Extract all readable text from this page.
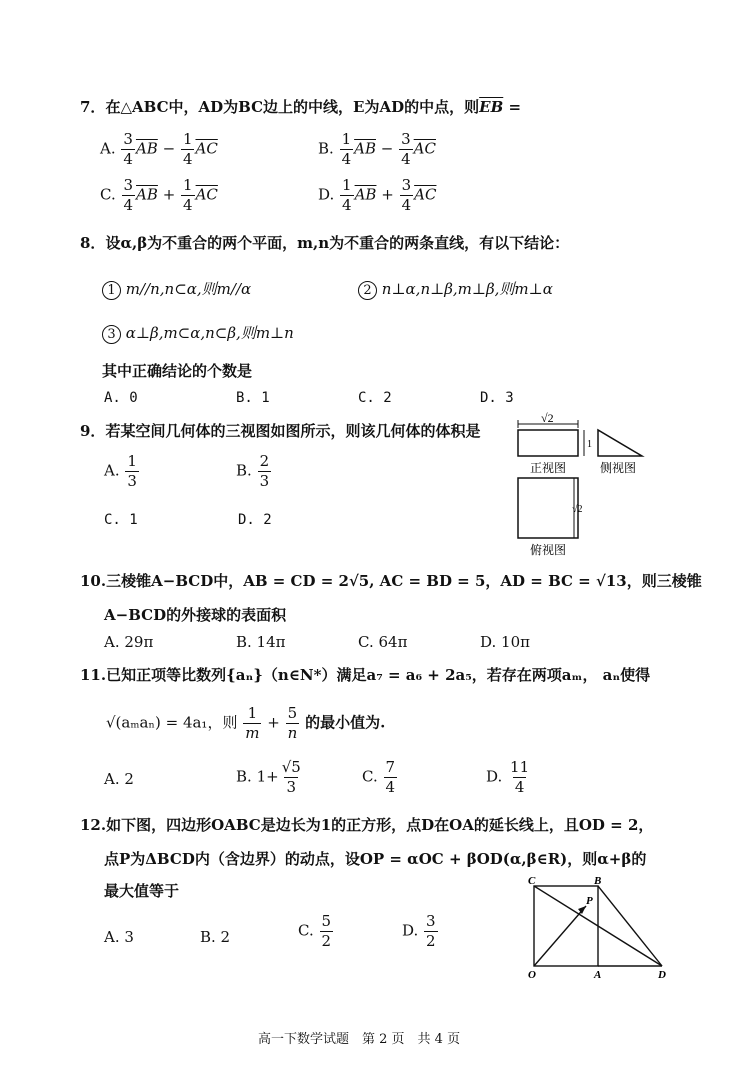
7．在△ABC中，AD为BC边上的中线，E为AD的中点，则$\overline{EB}$ =
A. $\frac{3}{4} \overline{AB} - \frac{1}{4} \overline{AC}$	B. $\frac{1}{4} \overline{AB} - \frac{3}{4} \overline{AC}$
C. $\frac{3}{4} \overline{AB} + \frac{1}{4} \overline{AC}$	D. $\frac{1}{4} \overline{AB} + \frac{3}{4} \overline{AC}$
8．设α,β为不重合的两个平面，m,n为不重合的两条直线，有以下结论：
1 m//n,n⊂α,则m//α	2 n⊥α,n⊥β,m⊥β,则m⊥α
3 α⊥β,m⊂α,n⊂β,则m⊥n
其中正确结论的个数是
A. 0	B. 1	C. 2	D. 3
9．若某空间几何体的三视图如图所示，则该几何体的体积是
A. $\frac{1}{3}$	B. $\frac{2}{3}$
C. 1	D. 2
√2
1
正视图	侧视图
√2
俯视图
10.三棱锥A−BCD中，AB = CD = 2√5, AC = BD = 5，AD = BC = √13，则三棱锥
A−BCD的外接球的表面积
A. 29π	B. 14π	C. 64π	D. 10π
11.已知正项等比数列{aₙ}（n∈N*）满足a₇ = a₆ + 2a₅，若存在两项aₘ， aₙ使得
√(aₘaₙ) = 4a₁，则 $\frac{1}{m} + \frac{5}{n}$ 的最小值为.
A. 2	B. $1+ \frac{√5}{3}$	C. $\frac{7}{4}$	D. $\frac{11}{4}$
12.如下图，四边形OABC是边长为1的正方形，点D在OA的延长线上，且OD = 2，
点P为ΔBCD内（含边界）的动点，设OP = αOC + βOD(α,β∈R)，则α+β的
最大值等于
A. 3	B. 2	C. $\frac{5}{2}$	D. $\frac{3}{2}$
C	B
P
O	A	D
高一下数学试题　第 2 页　共 4 页
